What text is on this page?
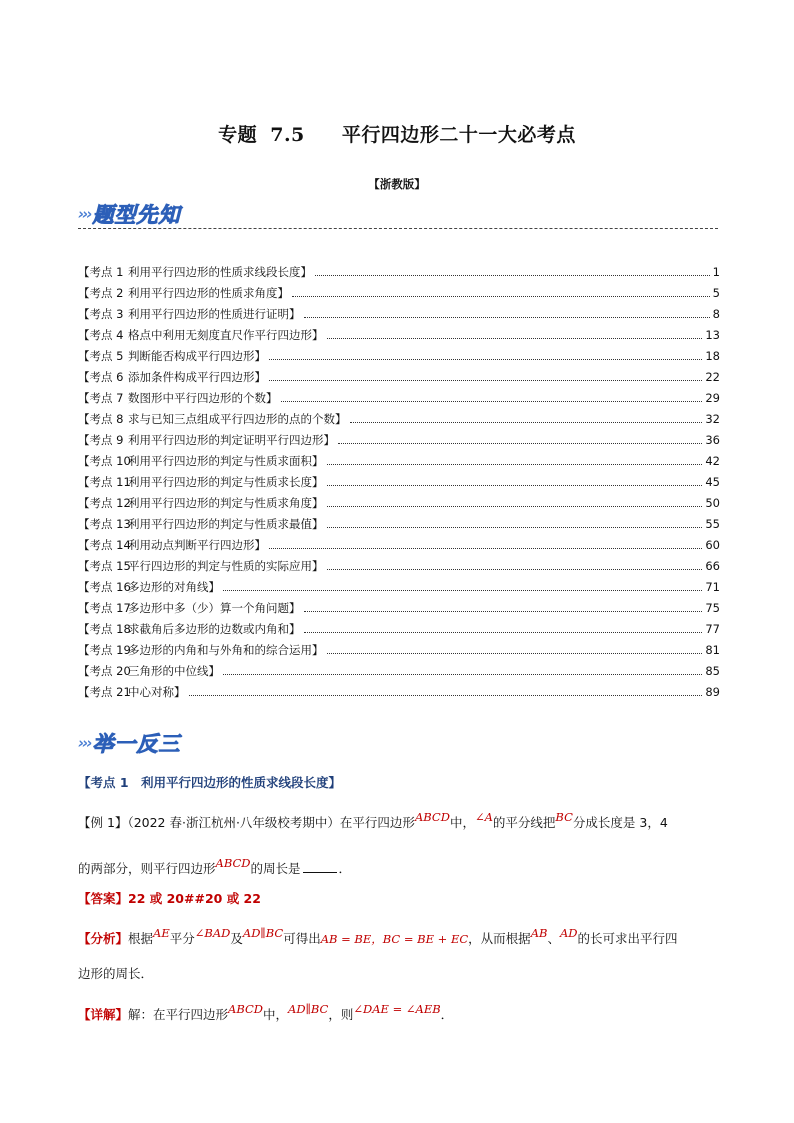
专题 7.5 平行四边形二十一大必考点
【浙教版】
››› 题型先知
【考点 1 利用平行四边形的性质求线段长度】	1
【考点 2 利用平行四边形的性质求角度】	5
【考点 3 利用平行四边形的性质进行证明】	8
【考点 4 格点中利用无刻度直尺作平行四边形】	13
【考点 5 判断能否构成平行四边形】	18
【考点 6 添加条件构成平行四边形】	22
【考点 7 数图形中平行四边形的个数】	29
【考点 8 求与已知三点组成平行四边形的点的个数】	32
【考点 9 利用平行四边形的判定证明平行四边形】	36
【考点 10利用平行四边形的判定与性质求面积】	42
【考点 11利用平行四边形的判定与性质求长度】	45
【考点 12利用平行四边形的判定与性质求角度】	50
【考点 13利用平行四边形的判定与性质求最值】	55
【考点 14利用动点判断平行四边形】	60
【考点 15平行四边形的判定与性质的实际应用】	66
【考点 16多边形的对角线】	71
【考点 17多边形中多（少）算一个角问题】	75
【考点 18求截角后多边形的边数或内角和】	77
【考点 19多边形的内角和与外角和的综合运用】	81
【考点 20三角形的中位线】	85
【考点 21中心对称】	89
››› 举一反三
【考点 1　利用平行四边形的性质求线段长度】
【例 1】（2022 春·浙江杭州·八年级校考期中）在平行四边形ABCD中，∠A的平分线把BC分成长度是 3，4
的两部分，则平行四边形ABCD的周长是	．
【答案】22 或 20##20 或 22
【分析】根据AE平分∠BAD及AD∥BC可得出AB = BE，BC = BE + EC，从而根据AB、AD的长可求出平行四
边形的周长．
【详解】解：在平行四边形ABCD中，AD∥BC，则∠DAE = ∠AEB．
